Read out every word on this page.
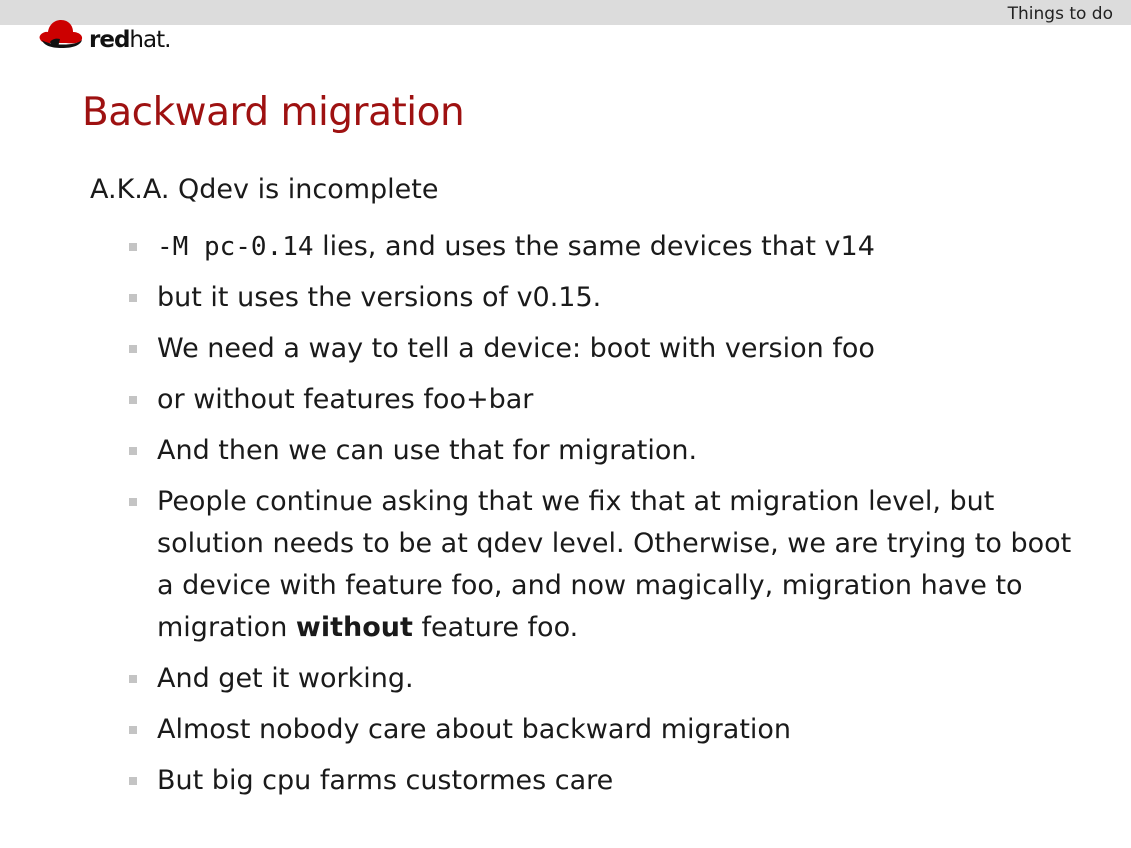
Things to do
redhat.
Backward migration
A.K.A. Qdev is incomplete
-M pc-0.14 lies, and uses the same devices that v14
but it uses the versions of v0.15.
We need a way to tell a device: boot with version foo
or without features foo+bar
And then we can use that for migration.
People continue asking that we fix that at migration level, but solution needs to be at qdev level. Otherwise, we are trying to boot a device with feature foo, and now magically, migration have to migration without feature foo.
And get it working.
Almost nobody care about backward migration
But big cpu farms custormes care
